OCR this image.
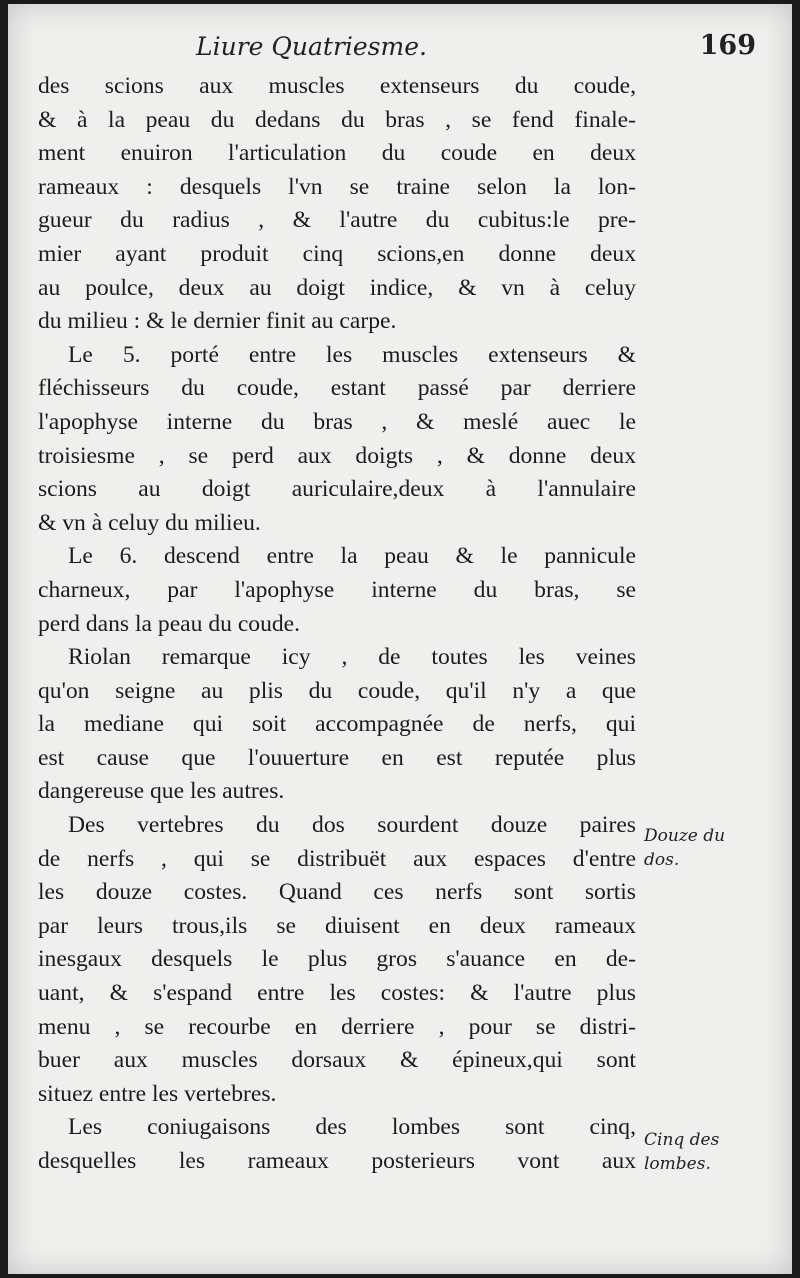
Liure Quatriesme.	169
des scions aux muscles extenseurs du coude,
& à la peau du dedans du bras , se fend finale-
ment enuiron l'articulation du coude en deux
rameaux : desquels l'vn se traine selon la lon-
gueur du radius , & l'autre du cubitus:le pre-
mier ayant produit cinq scions,en donne deux
au poulce, deux au doigt indice, & vn à celuy
du milieu : & le dernier finit au carpe.
Le 5. porté entre les muscles extenseurs &
fléchisseurs du coude, estant passé par derriere
l'apophyse interne du bras , & meslé auec le
troisiesme , se perd aux doigts , & donne deux
scions au doigt auriculaire,deux à l'annulaire
& vn à celuy du milieu.
Le 6. descend entre la peau & le pannicule
charneux, par l'apophyse interne du bras, se
perd dans la peau du coude.
Riolan remarque icy , de toutes les veines
qu'on seigne au plis du coude, qu'il n'y a que
la mediane qui soit accompagnée de nerfs, qui
est cause que l'ouuerture en est reputée plus
dangereuse que les autres.
Des vertebres du dos sourdent douze paires
de nerfs , qui se distribuët aux espaces d'entre
les douze costes. Quand ces nerfs sont sortis
par leurs trous,ils se diuisent en deux rameaux
inesgaux desquels le plus gros s'auance en de-
uant, & s'espand entre les costes: & l'autre plus
menu , se recourbe en derriere , pour se distri-
buer aux muscles dorsaux & épineux,qui sont
situez entre les vertebres.
Les coniugaisons des lombes sont cinq,
desquelles les rameaux posterieurs vont aux
Douze du
dos.
Cinq des
lombes.
